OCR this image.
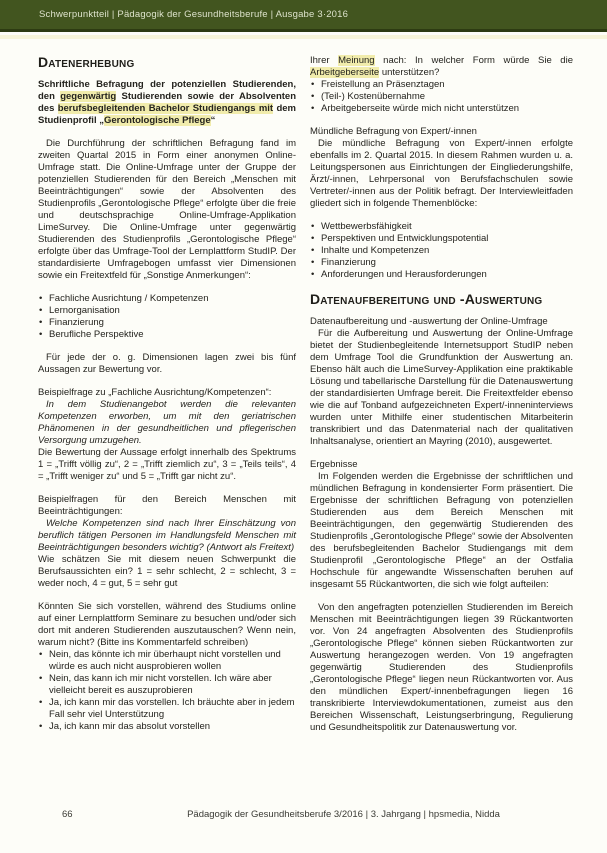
Schwerpunktteil | Pädagogik der Gesundheitsberufe | Ausgabe 3·2016
Datenerhebung

Schriftliche Befragung der potenziellen Studierenden, den gegenwärtig Studierenden sowie der Absolventen des berufsbegleitenden Bachelor Studiengangs mit dem Studienprofil „Gerontologische Pflege“

Die Durchführung der schriftlichen Befragung fand im zweiten Quartal 2015 in Form einer anonymen Online-Umfrage statt. Die Online-Umfrage unter der Gruppe der potenziellen Studierenden für den Bereich „Menschen mit Beeinträchtigungen“ sowie der Absolventen des Studienprofils „Gerontologische Pflege“ erfolgte über die freie und deutschsprachige Online-Umfrage-Applikation LimeSurvey. Die Online-Umfrage unter gegenwärtig Studierenden des Studienprofils „Gerontologische Pflege“ erfolgte über das Umfrage-Tool der Lernplattform StudIP. Der standardisierte Umfragebogen umfasst vier Dimensionen sowie ein Freitextfeld für „Sonstige Anmerkungen“:

• Fachliche Ausrichtung / Kompetenzen
• Lernorganisation
• Finanzierung
• Berufliche Perspektive

Für jede der o. g. Dimensionen lagen zwei bis fünf Aussagen zur Bewertung vor.

Beispielfrage zu „Fachliche Ausrichtung/Kompetenzen“:

In dem Studienangebot werden die relevanten Kompetenzen erworben, um mit den geriatrischen Phänomenen in der gesundheitlichen und pflegerischen Versorgung umzugehen.

Die Bewertung der Aussage erfolgt innerhalb des Spektrums 1 = „Trifft völlig zu“, 2 = „Trifft ziemlich zu“, 3 = „Teils teils“, 4 = „Trifft weniger zu“ und 5 = „Trifft gar nicht zu“.

Beispielfragen für den Bereich Menschen mit Beeinträchtigungen:

Welche Kompetenzen sind nach Ihrer Einschätzung von beruflich tätigen Personen im Handlungsfeld Menschen mit Beeinträchtigungen besonders wichtig? (Antwort als Freitext)

Wie schätzen Sie mit diesem neuen Schwerpunkt die Berufsaussichten ein? 1 = sehr schlecht, 2 = schlecht, 3 = weder noch, 4 = gut, 5 = sehr gut

Könnten Sie sich vorstellen, während des Studiums online auf einer Lernplattform Seminare zu besuchen und/oder sich dort mit anderen Studierenden auszutauschen? Wenn nein, warum nicht? (Bitte ins Kommentarfeld schreiben)

• Nein, das könnte ich mir überhaupt nicht vorstellen und würde es auch nicht ausprobieren wollen
• Nein, das kann ich mir nicht vorstellen. Ich wäre aber vielleicht bereit es auszuprobieren
• Ja, ich kann mir das vorstellen. Ich bräuchte aber in jedem Fall sehr viel Unterstützung
• Ja, ich kann mir das absolut vorstellen

Ihrer Meinung nach: In welcher Form würde Sie die Arbeitgeberseite unterstützen?

• Freistellung an Präsenztagen
• (Teil-) Kostenübernahme
• Arbeitgeberseite würde mich nicht unterstützen

Mündliche Befragung von Expert/-innen

Die mündliche Befragung von Expert/-innen erfolgte ebenfalls im 2. Quartal 2015. In diesem Rahmen wurden u. a. Leitungspersonen aus Einrichtungen der Eingliederungshilfe, Ärzt/-innen, Lehrpersonal von Berufsfachschulen sowie Vertreter/-innen aus der Politik befragt. Der Interviewleitfaden gliedert sich in folgende Themenblöcke:

• Wettbewerbsfähigkeit
• Perspektiven und Entwicklungspotential
• Inhalte und Kompetenzen
• Finanzierung
• Anforderungen und Herausforderungen
Datenaufbereitung und -Auswertung

Datenaufbereitung und -auswertung der Online-Umfrage

Für die Aufbereitung und Auswertung der Online-Umfrage bietet der Studienbegleitende Internetsupport StudIP neben dem Umfrage Tool die Grundfunktion der Auswertung an. Ebenso hält auch die LimeSurvey-Applikation eine praktikable Lösung und tabellarische Darstellung für die Datenauswertung der standardisierten Umfrage bereit. Die Freitextfelder ebenso wie die auf Tonband aufgezeichneten Expert/-inneninterviews wurden unter Mithilfe einer studentischen Mitarbeiterin transkribiert und das Datenmaterial nach der qualitativen Inhaltsanalyse, orientiert an Mayring (2010), ausgewertet.

Ergebnisse

Im Folgenden werden die Ergebnisse der schriftlichen und mündlichen Befragung in kondensierter Form präsentiert. Die Ergebnisse der schriftlichen Befragung von potenziellen Studierenden aus dem Bereich Menschen mit Beeinträchtigungen, den gegenwärtig Studierenden des Studienprofils „Gerontologische Pflege“ sowie der Absolventen des berufsbegleitenden Bachelor Studiengangs mit dem Studienprofil „Gerontologische Pflege“ an der Ostfalia Hochschule für angewandte Wissenschaften beruhen auf insgesamt 55 Rückantworten, die sich wie folgt aufteilen:

Von den angefragten potenziellen Studierenden im Bereich Menschen mit Beeinträchtigungen liegen 39 Rückantworten vor. Von 24 angefragten Absolventen des Studienprofils „Gerontologische Pflege“ können sieben Rückantworten zur Auswertung herangezogen werden. Von 19 angefragten gegenwärtig Studierenden des Studienprofils „Gerontologische Pflege“ liegen neun Rückantworten vor. Aus den mündlichen Expert/-innenbefragungen liegen 16 transkribierte Interviewdokumentationen, zumeist aus den Bereichen Wissenschaft, Leistungserbringung, Regulierung und Gesundheitspolitik zur Datenauswertung vor.

66	Pädagogik der Gesundheitsberufe 3/2016 | 3. Jahrgang | hpsmedia, Nidda
